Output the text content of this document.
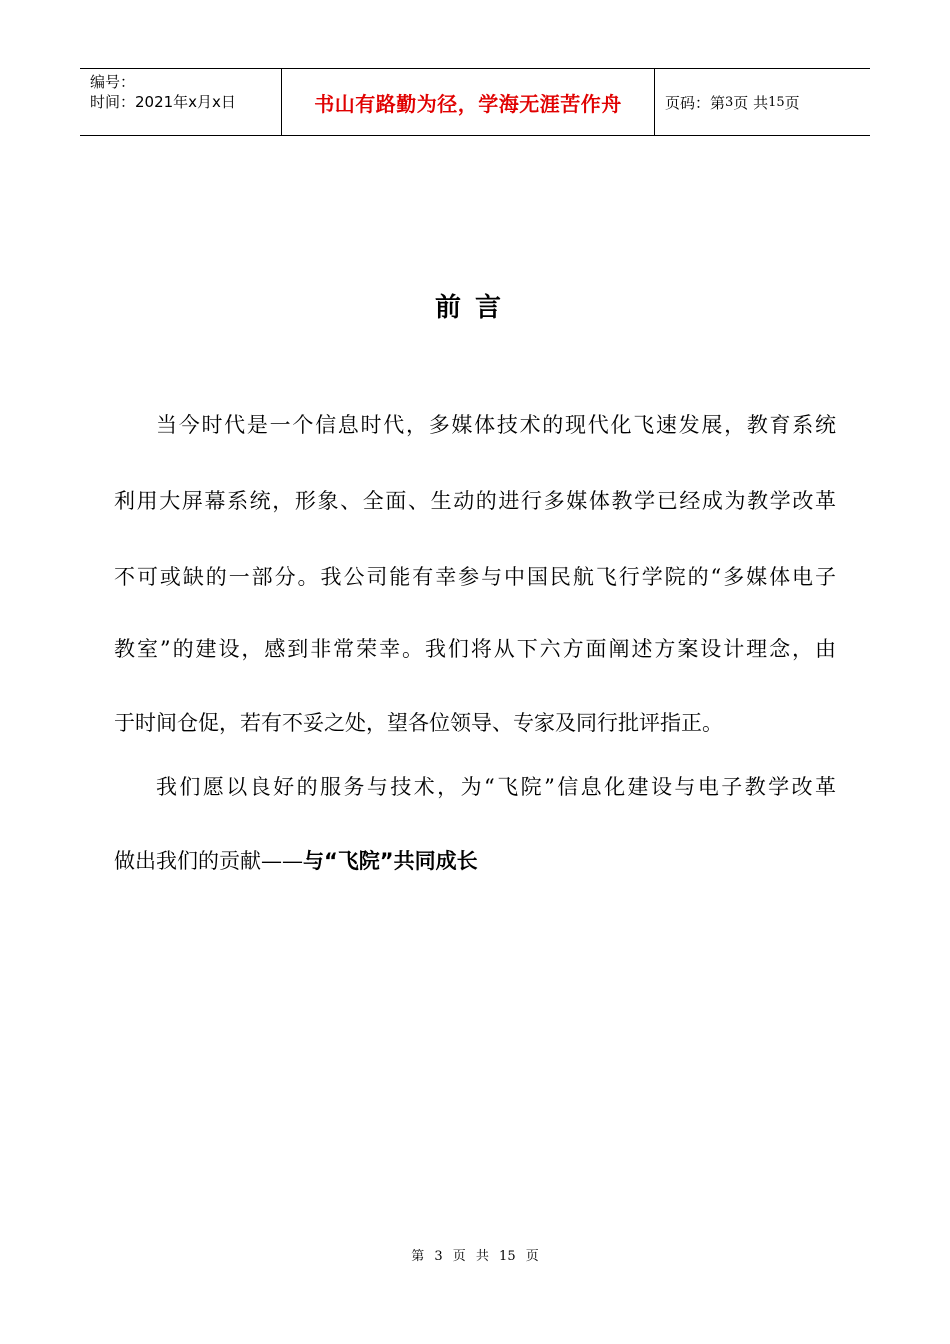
编号：
时间：2021年x月x日	书山有路勤为径，学海无涯苦作舟	页码：第 3 页 共 15 页
前言
当今时代是一个信息时代，多媒体技术的现代化飞速发展，教育系统
利用大屏幕系统，形象、全面、生动的进行多媒体教学已经成为教学改革
不可或缺的一部分。我公司能有幸参与中国民航飞行学院的“多媒体电子
教室”的建设，感到非常荣幸。我们将从下六方面阐述方案设计理念，由
于时间仓促，若有不妥之处，望各位领导、专家及同行批评指正。
我们愿以良好的服务与技术，为“飞院”信息化建设与电子教学改革
做出我们的贡献——与“飞院”共同成长
第 3 页 共 15 页
